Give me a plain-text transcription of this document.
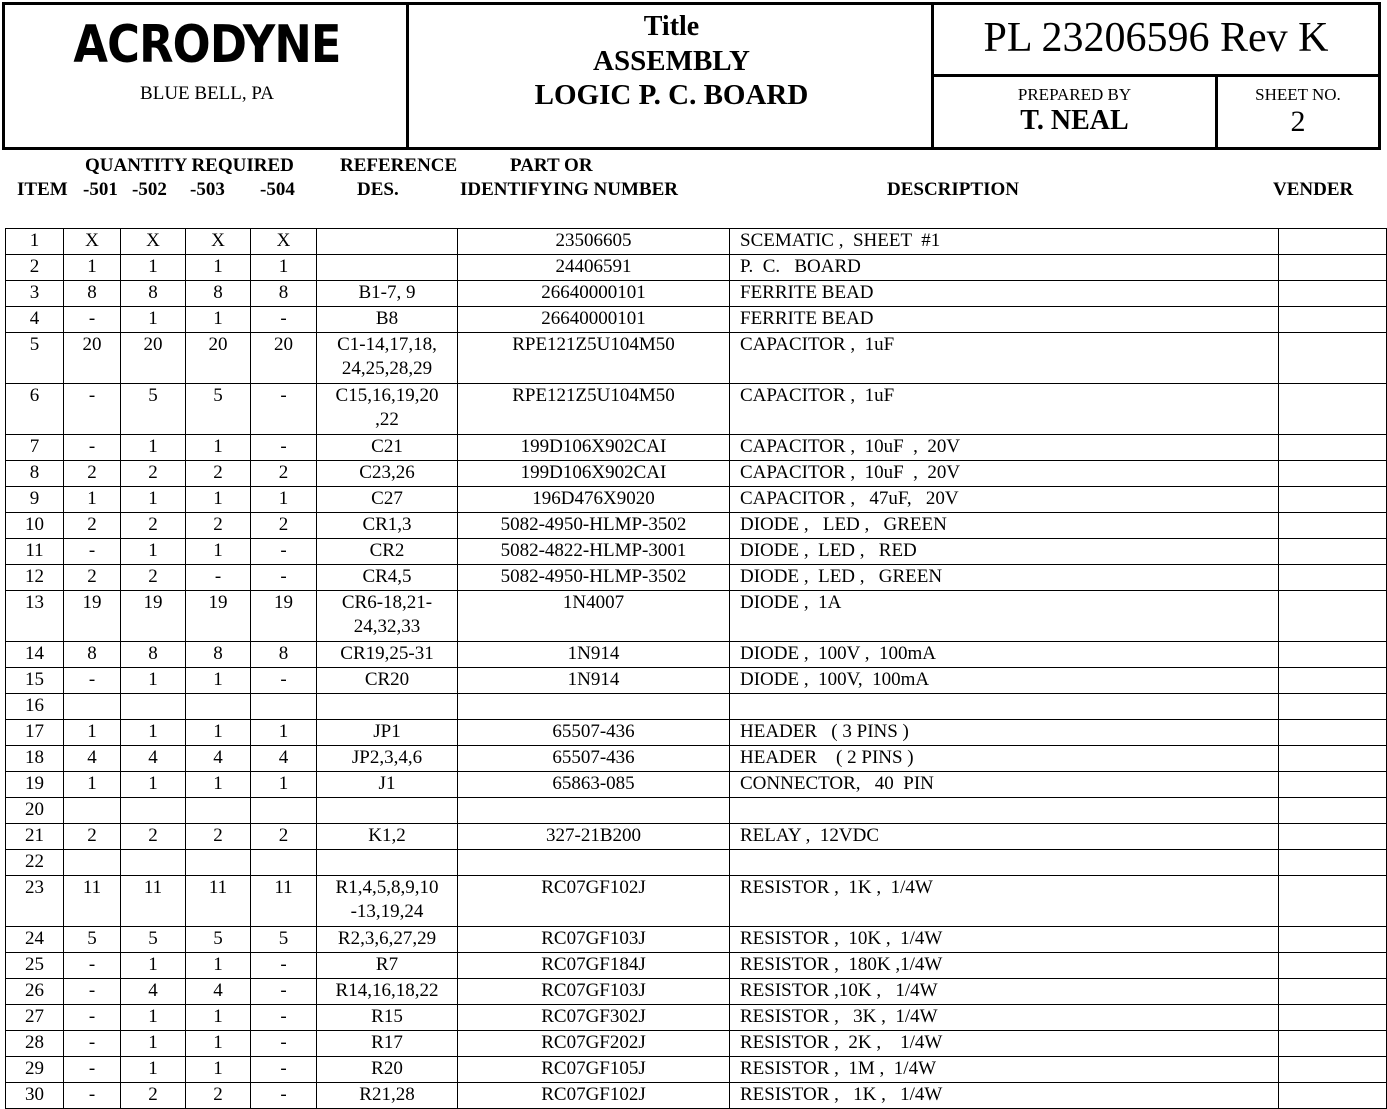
ACRODYNE
BLUE BELL, PA
Title
ASSEMBLY
LOGIC P. C. BOARD
PL 23206596 Rev K
PREPARED BY
T. NEAL
SHEET NO.
2
QUANTITY REQUIRED REFERENCE	PART OR
ITEM -501 -502 -503 -504	DES.	IDENTIFYING NUMBER	DESCRIPTION	VENDER
1	X	X	X	X		23506605	SCEMATIC ,  SHEET  #1	
2	1	1	1	1		24406591	P.  C.   BOARD	
3	8	8	8	8	B1-7, 9	26640000101	FERRITE BEAD	
4	-	1	1	-	B8	26640000101	FERRITE BEAD	
5	20	20	20	20	C1-14,17,18,
24,25,28,29	RPE121Z5U104M50	CAPACITOR ,  1uF	
6	-	5	5	-	C15,16,19,20
,22	RPE121Z5U104M50	CAPACITOR ,  1uF	
7	-	1	1	-	C21	199D106X902CAI	CAPACITOR ,  10uF  ,  20V	
8	2	2	2	2	C23,26	199D106X902CAI	CAPACITOR ,  10uF  ,  20V	
9	1	1	1	1	C27	196D476X9020	CAPACITOR ,   47uF,   20V	
10	2	2	2	2	CR1,3	5082-4950-HLMP-3502	DIODE ,   LED ,   GREEN	
11	-	1	1	-	CR2	5082-4822-HLMP-3001	DIODE ,  LED ,   RED	
12	2	2	-	-	CR4,5	5082-4950-HLMP-3502	DIODE ,  LED ,   GREEN	
13	19	19	19	19	CR6-18,21-
24,32,33	1N4007	DIODE ,  1A	
14	8	8	8	8	CR19,25-31	1N914	DIODE ,  100V ,  100mA	
15	-	1	1	-	CR20	1N914	DIODE ,  100V,  100mA	
16								
17	1	1	1	1	JP1	65507-436	HEADER   ( 3 PINS )	
18	4	4	4	4	JP2,3,4,6	65507-436	HEADER    ( 2 PINS )	
19	1	1	1	1	J1	65863-085	CONNECTOR,   40  PIN	
20								
21	2	2	2	2	K1,2	327-21B200	RELAY ,  12VDC	
22								
23	11	11	11	11	R1,4,5,8,9,10
-13,19,24	RC07GF102J	RESISTOR ,  1K ,  1/4W	
24	5	5	5	5	R2,3,6,27,29	RC07GF103J	RESISTOR ,  10K ,  1/4W	
25	-	1	1	-	R7	RC07GF184J	RESISTOR ,  180K ,1/4W	
26	-	4	4	-	R14,16,18,22	RC07GF103J	RESISTOR ,10K ,   1/4W	
27	-	1	1	-	R15	RC07GF302J	RESISTOR ,   3K ,  1/4W	
28	-	1	1	-	R17	RC07GF202J	RESISTOR ,  2K ,    1/4W	
29	-	1	1	-	R20	RC07GF105J	RESISTOR ,  1M ,  1/4W	
30	-	2	2	-	R21,28	RC07GF102J	RESISTOR ,   1K ,   1/4W	
